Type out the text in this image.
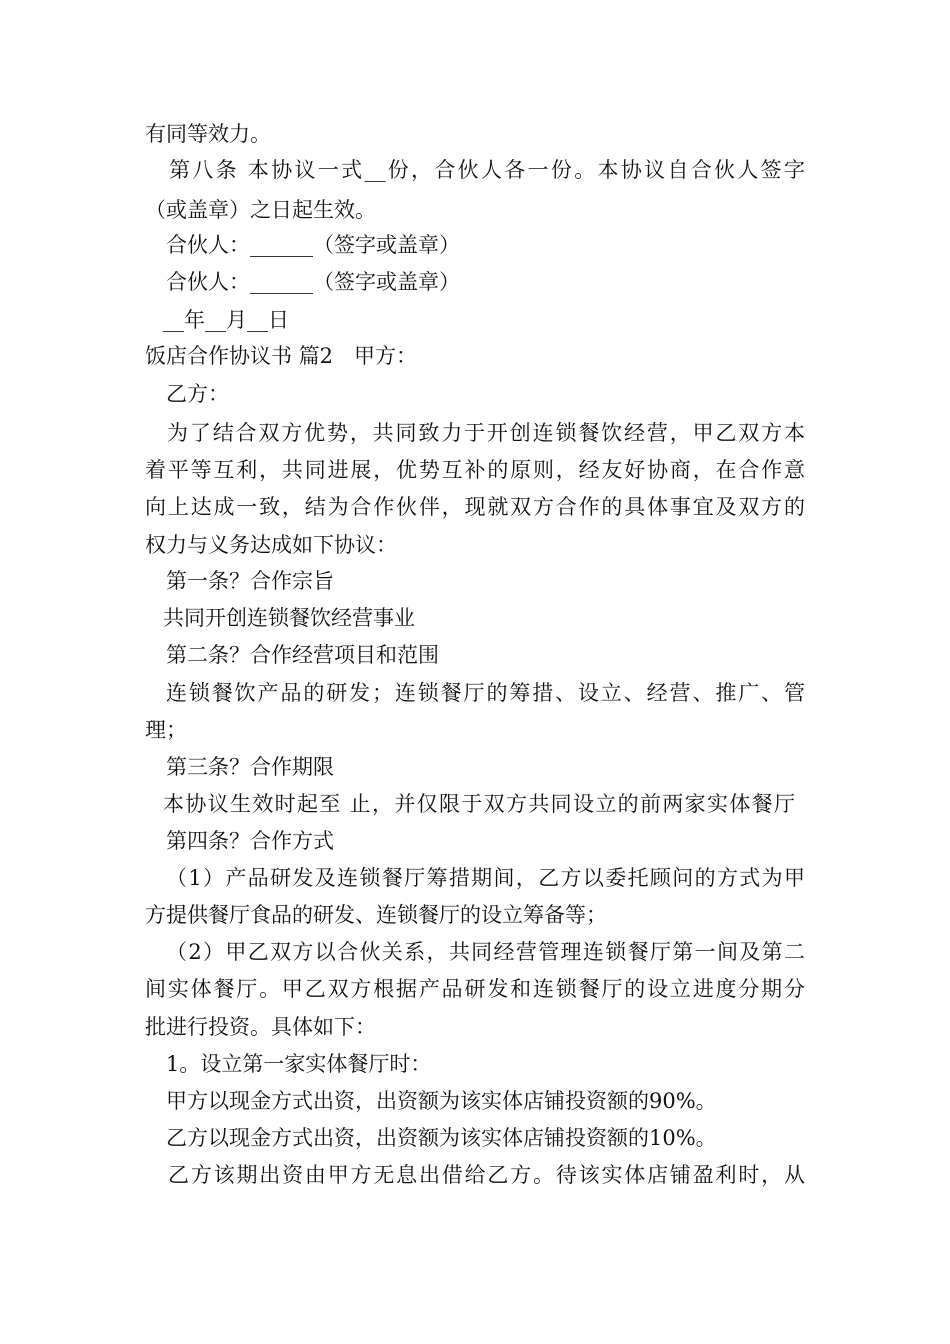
有同等效力。
第八条 本协议一式__份，合伙人各一份。本协议自合伙人签字
（或盖章）之日起生效。
合伙人：______（签字或盖章）
合伙人：______（签字或盖章）
__年__月__日
饭店合作协议书 篇2　甲方：
乙方：
为了结合双方优势，共同致力于开创连锁餐饮经营，甲乙双方本
着平等互利，共同进展，优势互补的原则，经友好协商，在合作意
向上达成一致，结为合作伙伴，现就双方合作的具体事宜及双方的
权力与义务达成如下协议：
第一条？合作宗旨
共同开创连锁餐饮经营事业
第二条？合作经营项目和范围
连锁餐饮产品的研发；连锁餐厅的筹措、设立、经营、推广、管
理；
第三条？合作期限
本协议生效时起至 止，并仅限于双方共同设立的前两家实体餐厅
第四条？合作方式
（1）产品研发及连锁餐厅筹措期间，乙方以委托顾问的方式为甲
方提供餐厅食品的研发、连锁餐厅的设立筹备等；
（2）甲乙双方以合伙关系，共同经营管理连锁餐厅第一间及第二
间实体餐厅。甲乙双方根据产品研发和连锁餐厅的设立进度分期分
批进行投资。具体如下：
1。设立第一家实体餐厅时：
甲方以现金方式出资，出资额为该实体店铺投资额的90%。
乙方以现金方式出资，出资额为该实体店铺投资额的10%。
乙方该期出资由甲方无息出借给乙方。待该实体店铺盈利时，从
